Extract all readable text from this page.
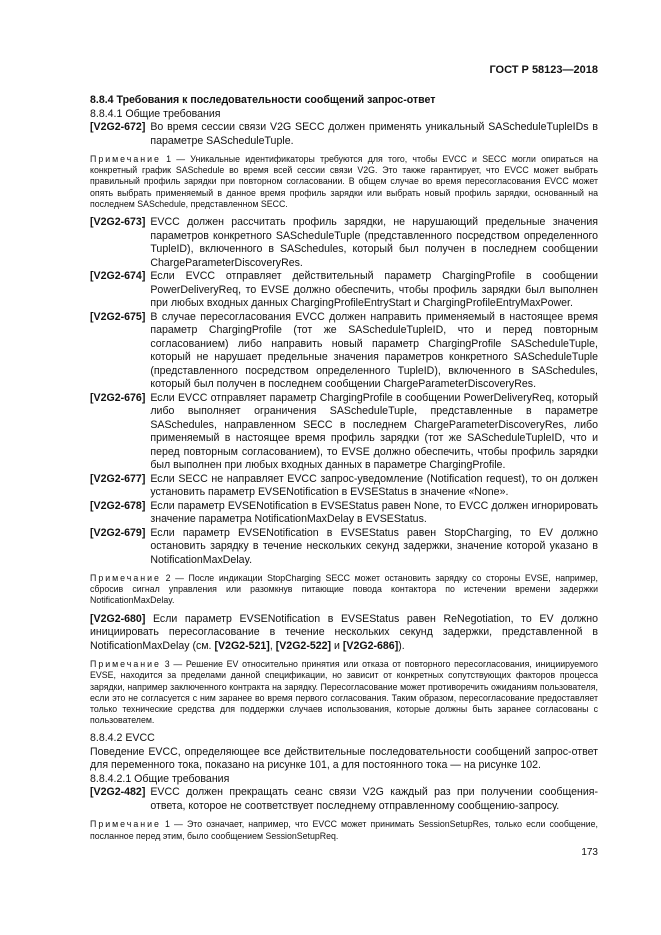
ГОСТ Р 58123—2018

8.8.4 Требования к последовательности сообщений запрос-ответ

8.8.4.1 Общие требования

[V2G2-672] Во время сессии связи V2G SECC должен применять уникальный SAScheduleTupleIDs в параметре SAScheduleTuple.

Примечание 1 — Уникальные идентификаторы требуются для того, чтобы EVCC и SECC могли опираться на конкретный график SASchedule во время всей сессии связи V2G. Это также гарантирует, что EVCC может выбрать правильный профиль зарядки при повторном согласовании. В общем случае во время пересогласования EVCC может опять выбрать применяемый в данное время профиль зарядки или выбрать новый профиль зарядки, основанный на последнем SASchedule, представленном SECC.

[V2G2-673] EVCC должен рассчитать профиль зарядки, не нарушающий предельные значения параметров конкретного SAScheduleTuple (представленного посредством определенного TupleID), включенного в SASchedules, который был получен в последнем сообщении ChargeParameterDiscoveryRes.
[V2G2-674] Если EVCC отправляет действительный параметр ChargingProfile в сообщении PowerDeliveryReq, то EVSE должно обеспечить, чтобы профиль зарядки был выполнен при любых входных данных ChargingProfileEntryStart и ChargingProfileEntryMaxPower.
[V2G2-675] В случае пересогласования EVCC должен направить применяемый в настоящее время параметр ChargingProfile (тот же SAScheduleTupleID, что и перед повторным согласованием) либо направить новый параметр ChargingProfile SAScheduleTuple, который не нарушает предельные значения параметров конкретного SAScheduleTuple (представленного посредством определенного TupleID), включенного в SASchedules, который был получен в последнем сообщении ChargeParameterDiscoveryRes.
[V2G2-676] Если EVCC отправляет параметр ChargingProfile в сообщении PowerDeliveryReq, который либо выполняет ограничения SAScheduleTuple, представленные в параметре SASchedules, направленном SECC в последнем ChargeParameterDiscoveryRes, либо применяемый в настоящее время профиль зарядки (тот же SAScheduleTupleID, что и перед повторным согласованием), то EVSE должно обеспечить, чтобы профиль зарядки был выполнен при любых входных данных в параметре ChargingProfile.
[V2G2-677] Если SECC не направляет EVCC запрос-уведомление (Notification request), то он должен установить параметр EVSENotification в EVSEStatus в значение «None».
[V2G2-678] Если параметр EVSENotification в EVSEStatus равен None, то EVCC должен игнорировать значение параметра NotificationMaxDelay в EVSEStatus.
[V2G2-679] Если параметр EVSENotification в EVSEStatus равен StopCharging, то EV должно остановить зарядку в течение нескольких секунд задержки, значение которой указано в NotificationMaxDelay.

Примечание 2 — После индикации StopCharging SECC может остановить зарядку со стороны EVSE, например, сбросив сигнал управления или разомкнув питающие повода контактора по истечении времени задержки NotificationMaxDelay.

[V2G2-680] Если параметр EVSENotification в EVSEStatus равен ReNegotiation, то EV должно инициировать пересогласование в течение нескольких секунд задержки, представленной в NotificationMaxDelay (см. [V2G2-521], [V2G2-522] и [V2G2-686]).

Примечание 3 — Решение EV относительно принятия или отказа от повторного пересогласования, инициируемого EVSE, находится за пределами данной спецификации, но зависит от конкретных сопутствующих факторов процесса зарядки, например заключенного контракта на зарядку. Пересогласование может противоречить ожиданиям пользователя, если это не согласуется с ним заранее во время первого согласования. Таким образом, пересогласование предоставляет только технические средства для поддержки случаев использования, которые должны быть заранее согласованы с пользователем.

8.8.4.2 EVCC

Поведение EVCC, определяющее все действительные последовательности сообщений запрос-ответ для переменного тока, показано на рисунке 101, а для постоянного тока — на рисунке 102.

8.8.4.2.1 Общие требования

[V2G2-482] EVCC должен прекращать сеанс связи V2G каждый раз при получении сообщения-ответа, которое не соответствует последнему отправленному сообщению-запросу.

Примечание 1 — Это означает, например, что EVCC может принимать SessionSetupRes, только если сообщение, посланное перед этим, было сообщением SessionSetupReq.

173
